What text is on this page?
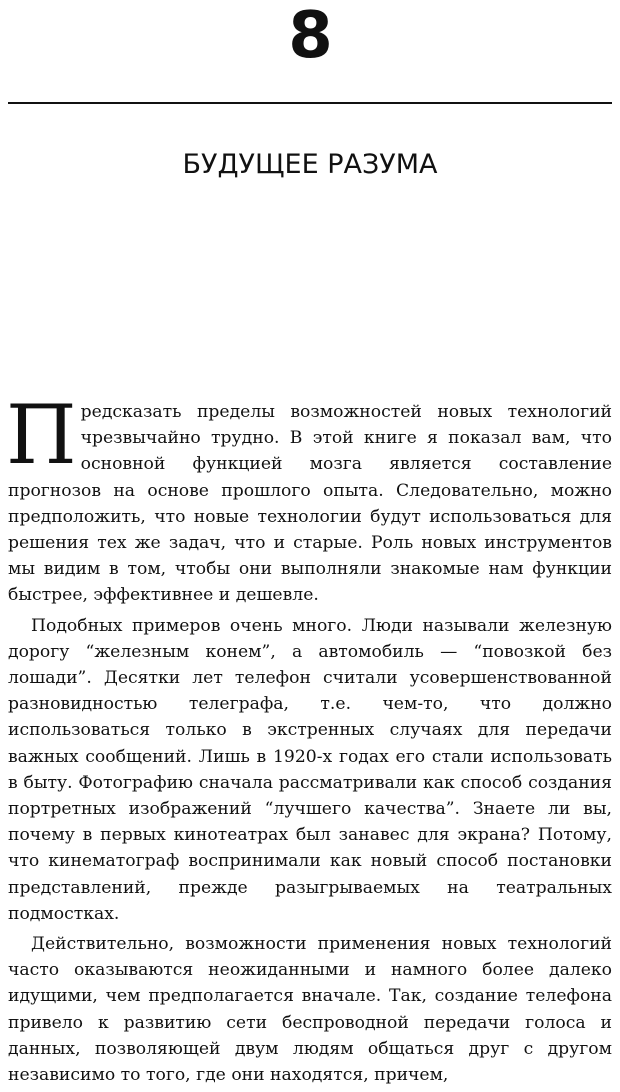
8
БУДУЩЕЕ РАЗУМА

Предсказать пределы возможностей новых технологий чрезвычайно трудно. В этой книге я показал вам, что основной функцией мозга является составление прогнозов на основе прошлого опыта. Следовательно, можно предположить, что новые технологии будут использоваться для решения тех же задач, что и старые. Роль новых инструментов мы видим в том, чтобы они выполняли знакомые нам функции быстрее, эффективнее и дешевле.

Подобных примеров очень много. Люди называли железную дорогу “железным конем”, а автомобиль — “повозкой без лошади”. Десятки лет телефон считали усовершенствованной разновидностью телеграфа, т.е. чем-то, что должно использоваться только в экстренных случаях для передачи важных сообщений. Лишь в 1920-х годах его стали использовать в быту. Фотографию сначала рассматривали как способ создания портретных изображений “лучшего качества”. Знаете ли вы, почему в первых кинотеатрах был занавес для экрана? Потому, что кинематограф воспринимали как новый способ постановки представлений, прежде разыгрываемых на театральных подмостках.

Действительно, возможности применения новых технологий часто оказываются неожиданными и намного более далеко идущими, чем предполагается вначале. Так, создание телефона привело к развитию сети беспроводной передачи голоса и данных, позволяющей двум людям общаться друг с другом независимо то того, где они находятся, причем,
